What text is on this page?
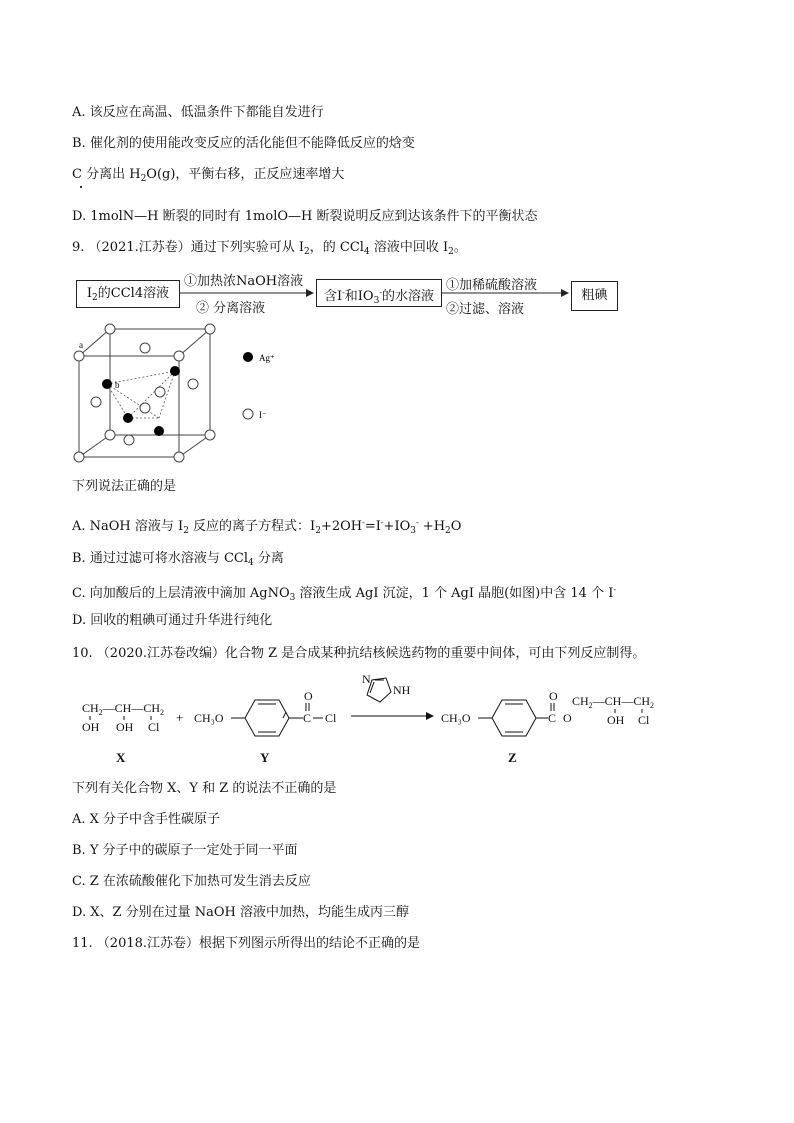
A. 该反应在高温、低温条件下都能自发进行
B. 催化剂的使用能改变反应的活化能但不能降低反应的焓变
C 分离出 $H_2O(g)$，平衡右移，正反应速率增大
D. 1molN—H 断裂的同时有 1molO—H 断裂说明反应到达该条件下的平衡状态
9. （2021.江苏卷）通过下列实验可从 $I_2$，的 CCl$_4$ 溶液中回收 $I_2$。
$I_2$的CCl4溶液
①加热浓NaOH溶液
② 分离溶液
含I-和$IO_3^-$的水溶液
①加稀硫酸溶液
②过滤、溶液
粗碘
a
b
Ag⁺
I⁻
下列说法正确的是
A. NaOH 溶液与 $I_2$ 反应的离子方程式：$I_2+2OH^-=I^-+IO_3^- +H_2O$
B. 通过过滤可将水溶液与 CCl$_4$ 分离
C. 向加酸后的上层清液中滴加 AgNO$_3$ 溶液生成 AgI 沉淀，1 个 AgI 晶胞(如图)中含 14 个 I-
D. 回收的粗碘可通过升华进行纯化
10. （2020.江苏卷改编）化合物 Z 是合成某种抗结核候选药物的重要中间体，可由下列反应制得。
$CH_2—CH—CH_2$
OH OH Cl
X
+ CH₃O	C
O
Cl
Y
N
NH
CH₃O	C
O
O
$CH_2—CH—CH_2$
OH Cl
Z
下列有关化合物 X、Y 和 Z 的说法不正确的是
A. X 分子中含手性碳原子
B. Y 分子中的碳原子一定处于同一平面
C. Z 在浓硫酸催化下加热可发生消去反应
D. X、Z 分别在过量 NaOH 溶液中加热，均能生成丙三醇
11. （2018.江苏卷）根据下列图示所得出的结论不正确的是
